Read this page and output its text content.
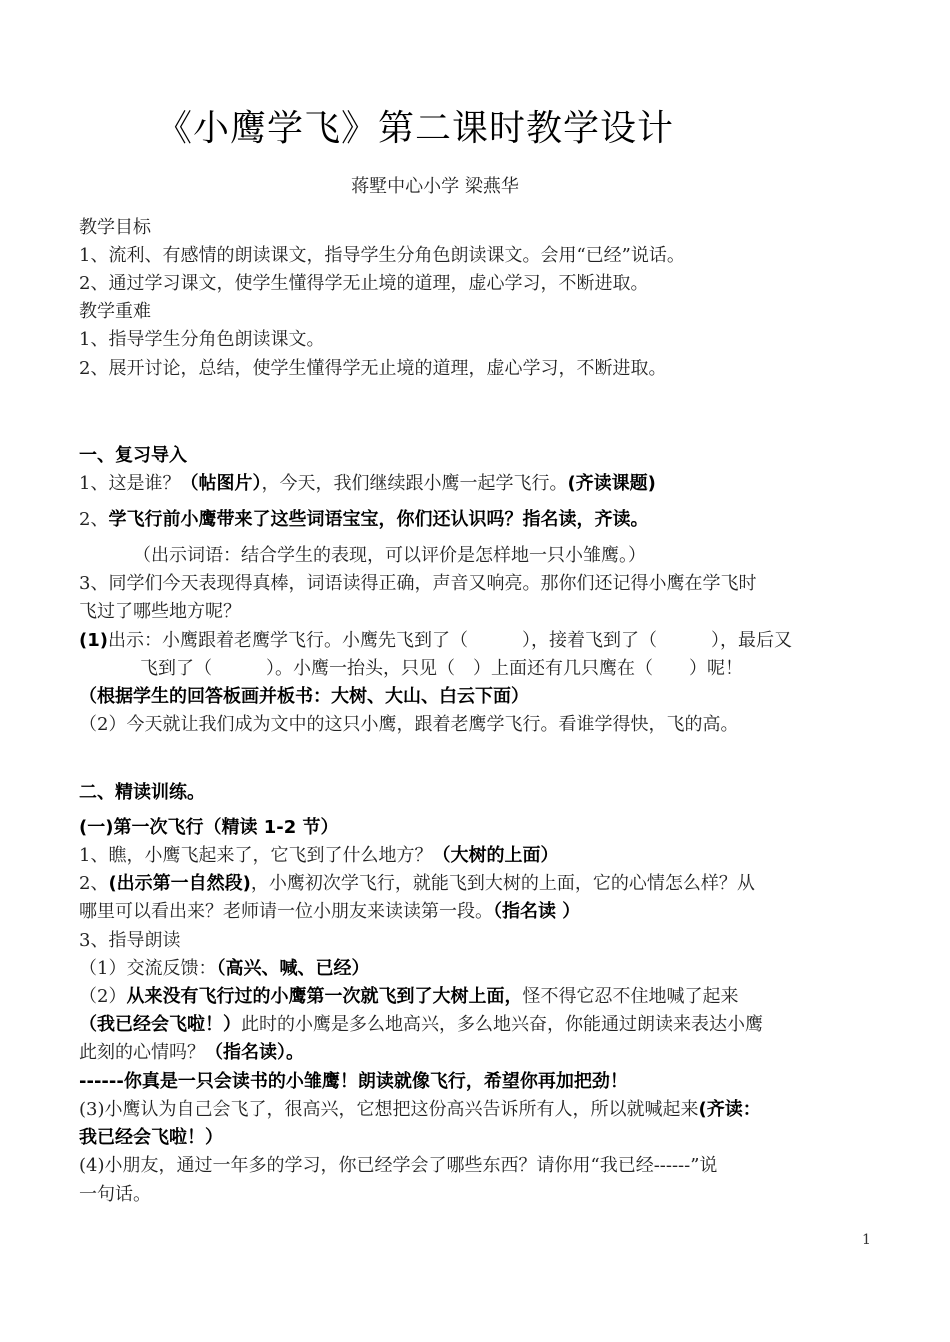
《小鹰学飞》第二课时教学设计
蒋墅中心小学 梁燕华
教学目标
1、流利、有感情的朗读课文，指导学生分角色朗读课文。会用“已经”说话。
2、通过学习课文，使学生懂得学无止境的道理，虚心学习，不断进取。
教学重难
1、指导学生分角色朗读课文。
2、展开讨论，总结，使学生懂得学无止境的道理，虚心学习，不断进取。
一、复习导入
1、这是谁？（帖图片），今天，我们继续跟小鹰一起学飞行。(齐读课题)
2、学飞行前小鹰带来了这些词语宝宝，你们还认识吗？指名读，齐读。
（出示词语：结合学生的表现，可以评价是怎样地一只小雏鹰。）
3、同学们今天表现得真棒，词语读得正确，声音又响亮。那你们还记得小鹰在学飞时
飞过了哪些地方呢？
(1)出示：小鹰跟着老鹰学飞行。小鹰先飞到了（　　　），接着飞到了（　　　），最后又
飞到了（　　　）。小鹰一抬头，只见（　）上面还有几只鹰在（　　）呢！
（根据学生的回答板画并板书：大树、大山、白云下面）
（2）今天就让我们成为文中的这只小鹰，跟着老鹰学飞行。看谁学得快，飞的高。
二、精读训练。
(一)第一次飞行（精读 1-2 节）
1、瞧，小鹰飞起来了，它飞到了什么地方？（大树的上面）
2、(出示第一自然段)，小鹰初次学飞行，就能飞到大树的上面，它的心情怎么样？从
哪里可以看出来？老师请一位小朋友来读读第一段。（指名读 ）
3、指导朗读
（1）交流反馈：（高兴、喊、已经）
（2）从来没有飞行过的小鹰第一次就飞到了大树上面，怪不得它忍不住地喊了起来
（我已经会飞啦！）此时的小鹰是多么地高兴，多么地兴奋，你能通过朗读来表达小鹰
此刻的心情吗？（指名读）。
------你真是一只会读书的小雏鹰！朗读就像飞行，希望你再加把劲！
(3)小鹰认为自己会飞了，很高兴，它想把这份高兴告诉所有人，所以就喊起来(齐读：
我已经会飞啦！）
(4)小朋友，通过一年多的学习，你已经学会了哪些东西？请你用“我已经------”说
一句话。
1
